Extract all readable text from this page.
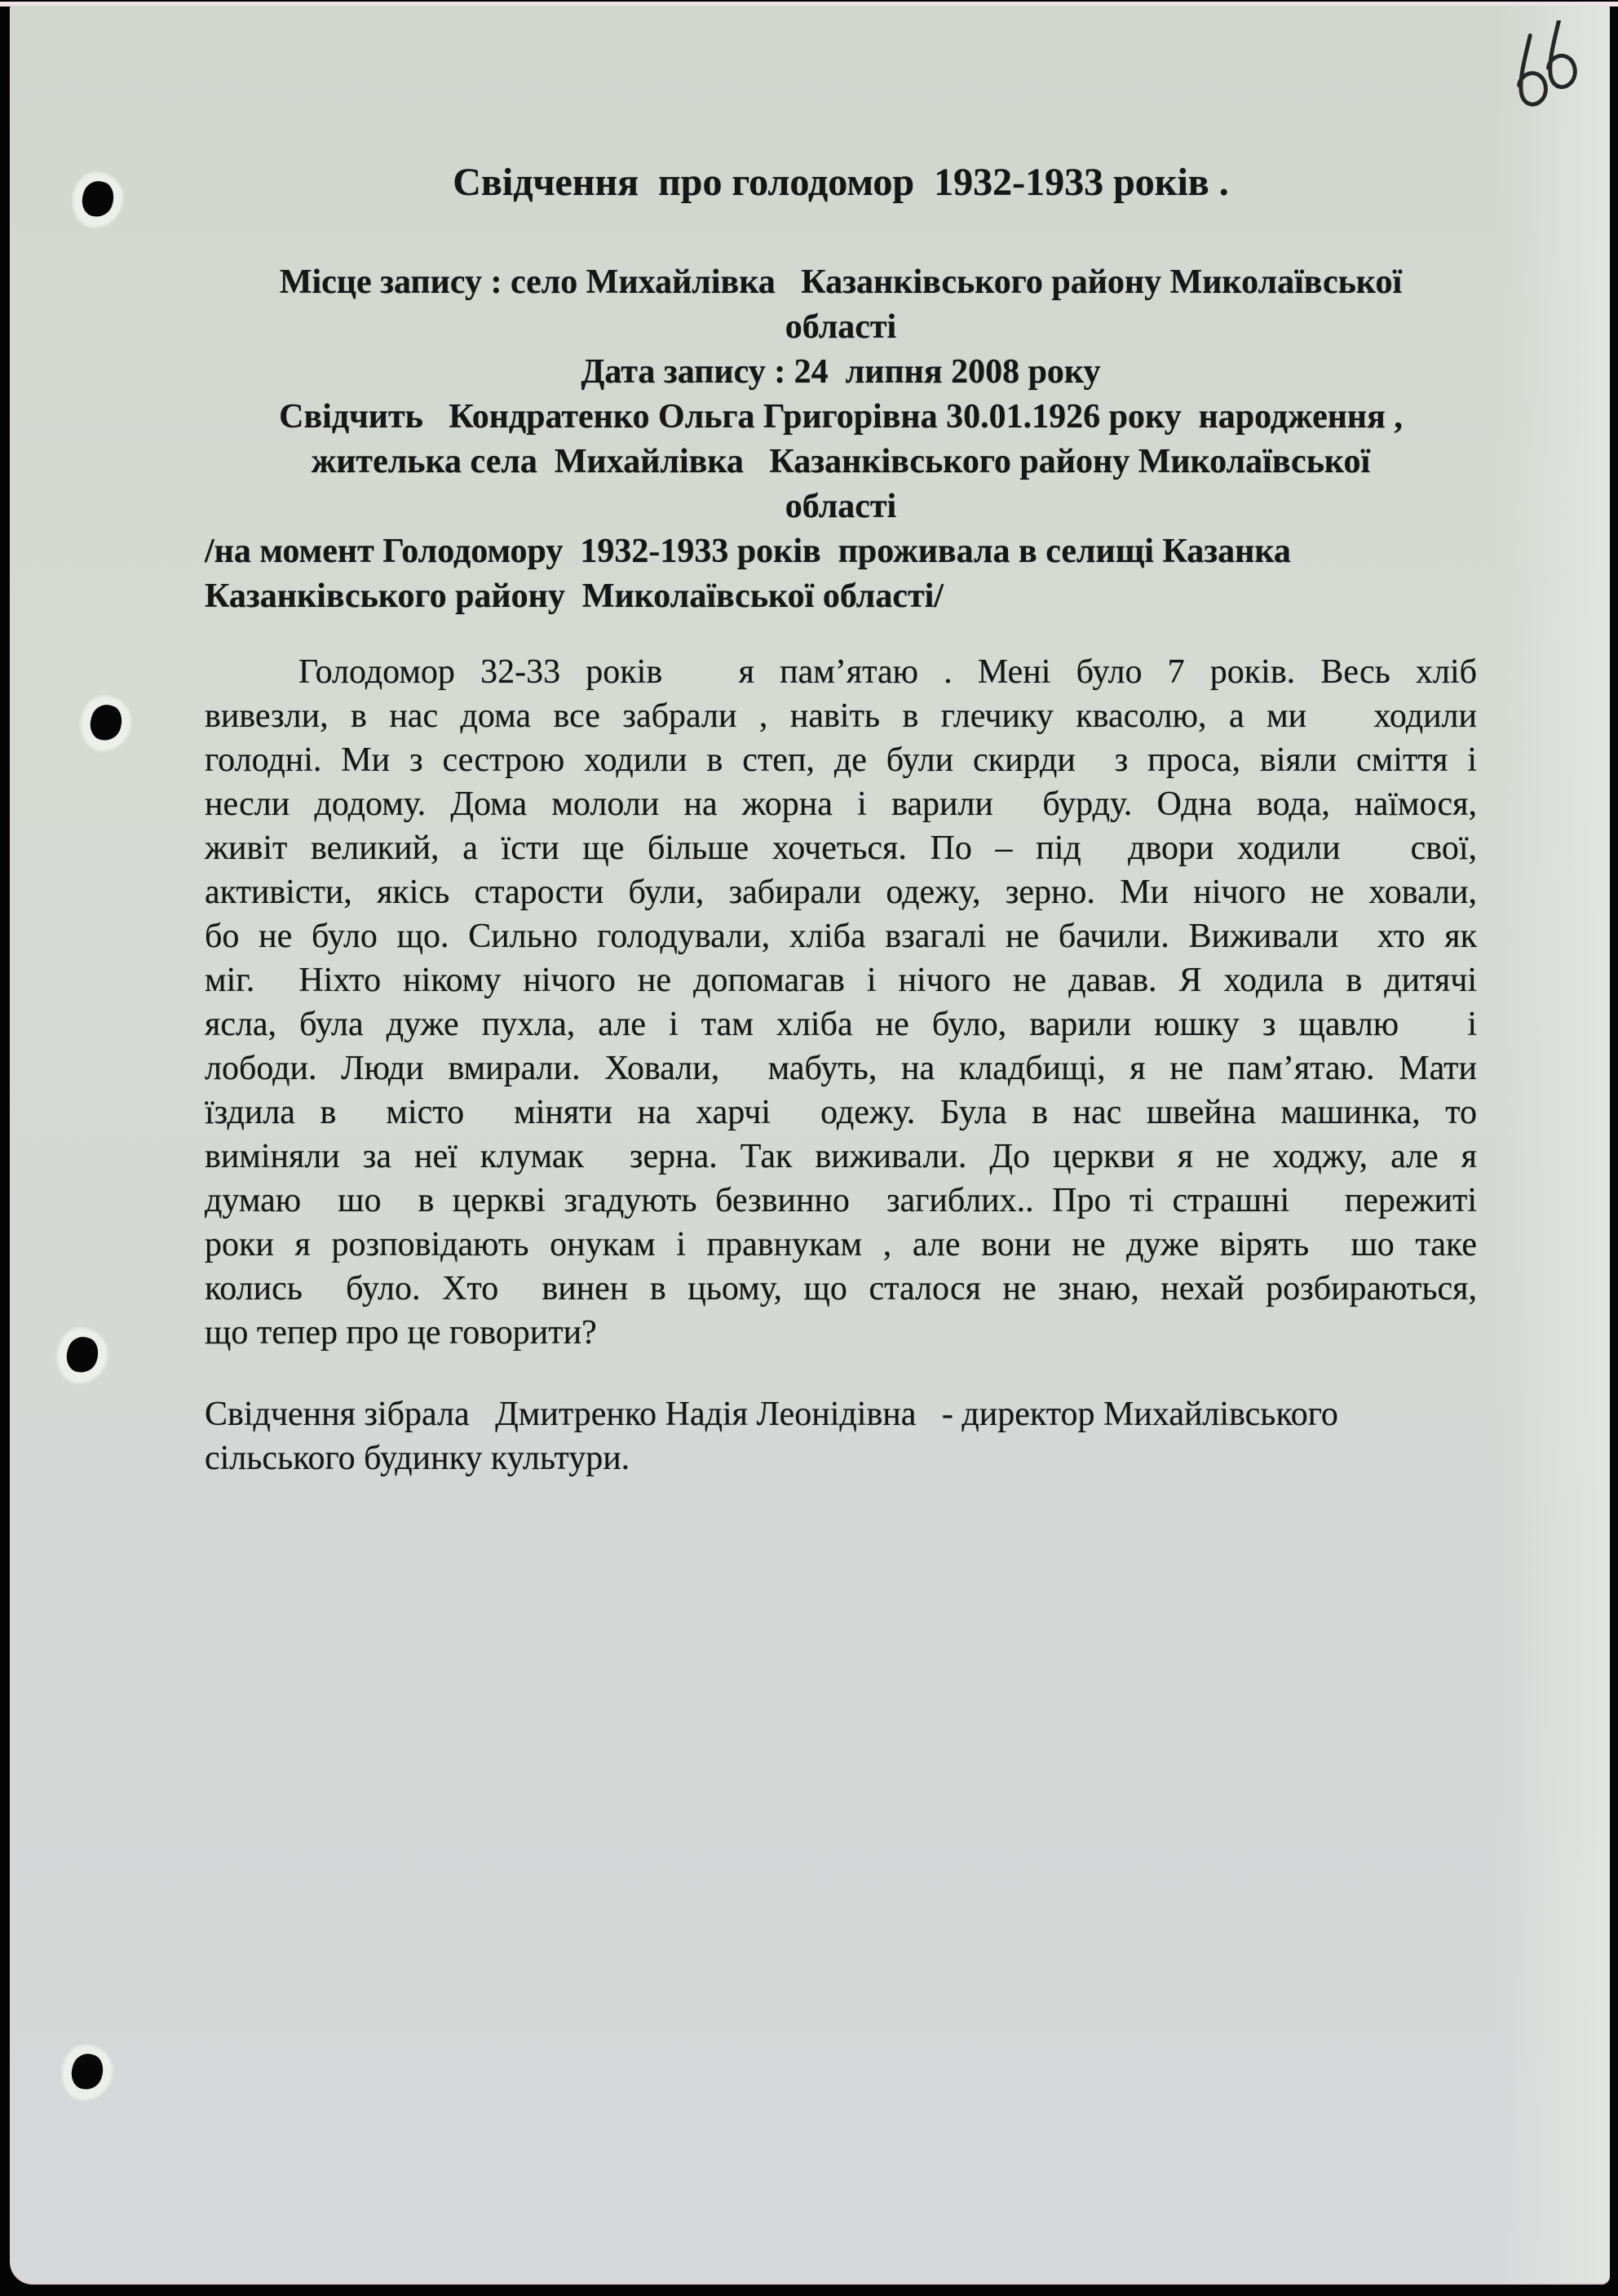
Свідчення  про голодомор  1932-1933 років .
Місце запису : село Михайлівка   Казанківського району Миколаївської
області
Дата запису : 24  липня 2008 року
Свідчить   Кондратенко Ольга Григорівна 30.01.1926 року  народження ,
жителька села  Михайлівка   Казанківського району Миколаївської
області
/на момент Голодомору  1932-1933 років  проживала в селищі Казанка
Казанківського району  Миколаївської області/
Голодомор 32-33 років   я пам’ятаю . Мені було 7 років. Весь хліб
вивезли, в нас дома все забрали , навіть в глечику квасолю, а ми   ходили
голодні. Ми з сестрою ходили в степ, де були скирди  з проса, віяли сміття і
несли додому. Дома мололи на жорна і варили  бурду. Одна вода, наїмося,
живіт великий, а їсти ще більше хочеться. По – під  двори ходили   свої,
активісти, якісь старости були, забирали одежу, зерно. Ми нічого не ховали,
бо не було що. Сильно голодували, хліба взагалі не бачили. Виживали  хто як
міг.  Ніхто нікому нічого не допомагав і нічого не давав. Я ходила в дитячі
ясла, була дуже пухла, але і там хліба не було, варили юшку з щавлю   і
лободи. Люди вмирали. Ховали,  мабуть, на кладбищі, я не пам’ятаю. Мати
їздила в  місто  міняти на харчі  одежу. Була в нас швейна машинка, то
виміняли за неї клумак  зерна. Так виживали. До церкви я не ходжу, але я
думаю  шо  в церкві згадують безвинно  загиблих.. Про ті страшні   пережиті
роки я розповідають онукам і правнукам , але вони не дуже вірять  шо таке
колись  було. Хто  винен в цьому, що сталося не знаю, нехай розбираються,
що тепер про це говорити?
Свідчення зібрала   Дмитренко Надія Леонідівна   - директор Михайлівського
сільського будинку культури.
